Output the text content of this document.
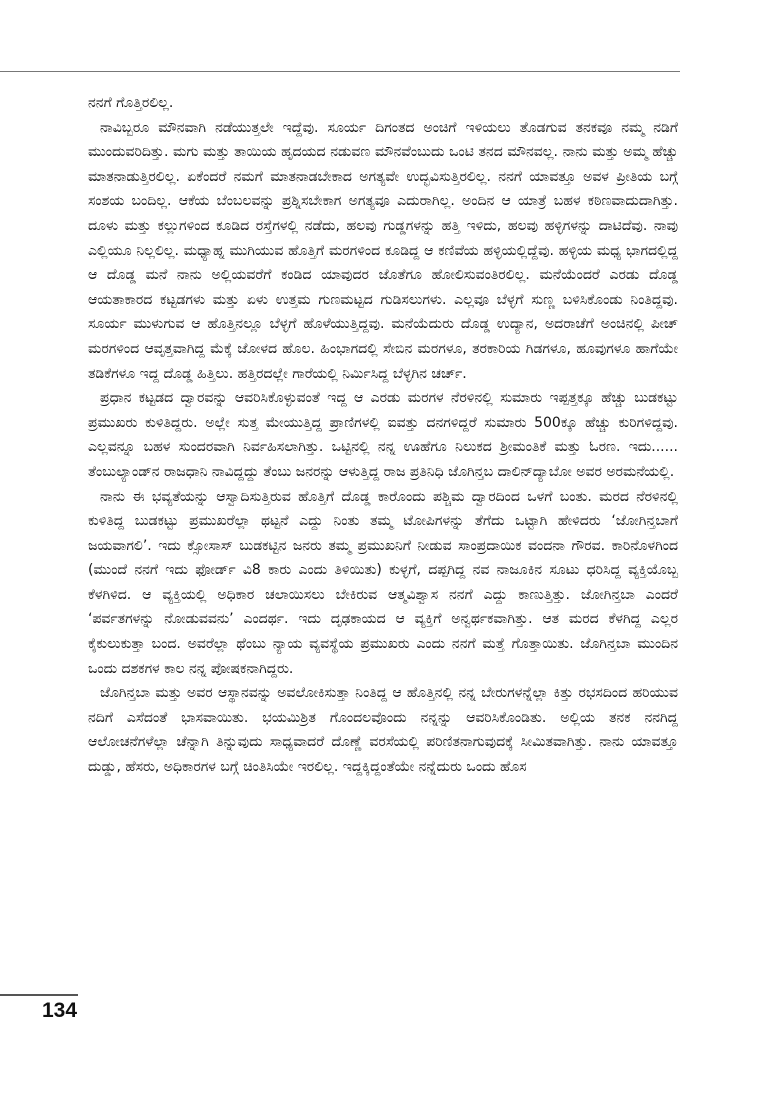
ನನಗೆ ಗೊತ್ತಿರಲಿಲ್ಲ.

ನಾವಿಬ್ಬರೂ ಮೌನವಾಗಿ ನಡೆಯುತ್ತಲೇ ಇದ್ದೆವು. ಸೂರ್ಯ ದಿಗಂತದ ಅಂಚಿಗೆ ಇಳಿಯಲು ತೊಡಗುವ ತನಕವೂ ನಮ್ಮ ನಡಿಗೆ ಮುಂದುವರಿದಿತ್ತು. ಮಗು ಮತ್ತು ತಾಯಿಯ ಹೃದಯದ ನಡುವಣ ಮೌನವೆಂಬುದು ಒಂಟಿ ತನದ ಮೌನವಲ್ಲ. ನಾನು ಮತ್ತು ಅಮ್ಮ ಹೆಚ್ಚು ಮಾತನಾಡುತ್ತಿರಲಿಲ್ಲ. ಏಕೆಂದರೆ ನಮಗೆ ಮಾತನಾಡಬೇಕಾದ ಅಗತ್ಯವೇ ಉದ್ಭವಿಸುತ್ತಿರಲಿಲ್ಲ. ನನಗೆ ಯಾವತ್ತೂ ಅವಳ ಪ್ರೀತಿಯ ಬಗ್ಗೆ ಸಂಶಯ ಬಂದಿಲ್ಲ. ಆಕೆಯ ಬೆಂಬಲವನ್ನು ಪ್ರಶ್ನಿಸಬೇಕಾಗ ಅಗತ್ಯವೂ ಎದುರಾಗಿಲ್ಲ. ಅಂದಿನ ಆ ಯಾತ್ರೆ ಬಹಳ ಕಠಿಣವಾದುದಾಗಿತ್ತು. ದೂಳು ಮತ್ತು ಕಲ್ಲುಗಳಿಂದ ಕೂಡಿದ ರಸ್ತೆಗಳಲ್ಲಿ ನಡೆದು, ಹಲವು ಗುಡ್ಡಗಳನ್ನು ಹತ್ತಿ ಇಳಿದು, ಹಲವು ಹಳ್ಳಿಗಳನ್ನು ದಾಟಿದೆವು. ನಾವು ಎಲ್ಲಿಯೂ ನಿಲ್ಲಲಿಲ್ಲ. ಮಧ್ಯಾಹ್ನ ಮುಗಿಯುವ ಹೊತ್ತಿಗೆ ಮರಗಳಿಂದ ಕೂಡಿದ್ದ ಆ ಕಣಿವೆಯ ಹಳ್ಳಿಯಲ್ಲಿದ್ದೆವು. ಹಳ್ಳಿಯ ಮಧ್ಯ ಭಾಗದಲ್ಲಿದ್ದ ಆ ದೊಡ್ಡ ಮನೆ ನಾನು ಅಲ್ಲಿಯವರೆಗೆ ಕಂಡಿದ ಯಾವುದರ ಜೊತೆಗೂ ಹೋಲಿಸುವಂತಿರಲಿಲ್ಲ. ಮನೆಯೆಂದರೆ ಎರಡು ದೊಡ್ಡ ಆಯತಾಕಾರದ ಕಟ್ಟಡಗಳು ಮತ್ತು ಏಳು ಉತ್ತಮ ಗುಣಮಟ್ಟದ ಗುಡಿಸಲುಗಳು. ಎಲ್ಲವೂ ಬೆಳ್ಳಗೆ ಸುಣ್ಣ ಬಳಿಸಿಕೊಂಡು ನಿಂತಿದ್ದವು. ಸೂರ್ಯ ಮುಳುಗುವ ಆ ಹೊತ್ತಿನಲ್ಲೂ ಬೆಳ್ಳಗೆ ಹೊಳೆಯುತ್ತಿದ್ದವು. ಮನೆಯೆದುರು ದೊಡ್ಡ ಉದ್ಯಾನ, ಅದರಾಚೆಗೆ ಅಂಚಿನಲ್ಲಿ ಪೀಚ್ ಮರಗಳಿಂದ ಆವೃತ್ತವಾಗಿದ್ದ ಮೆಕ್ಕೆ ಜೋಳದ ಹೊಲ. ಹಿಂಭಾಗದಲ್ಲಿ ಸೇಬಿನ ಮರಗಳೂ, ತರಕಾರಿಯ ಗಿಡಗಳೂ, ಹೂವುಗಳೂ ಹಾಗೆಯೇ ತಡಿಕೆಗಳೂ ಇದ್ದ ದೊಡ್ಡ ಹಿತ್ತಿಲು. ಹತ್ತಿರದಲ್ಲೇ ಗಾರೆಯಲ್ಲಿ ನಿರ್ಮಿಸಿದ್ದ ಬೆಳ್ಳಗಿನ ಚರ್ಚ್.

ಪ್ರಧಾನ ಕಟ್ಟಡದ ದ್ವಾರವನ್ನು ಆವರಿಸಿಕೊಳ್ಳುವಂತೆ ಇದ್ದ ಆ ಎರಡು ಮರಗಳ ನೆರಳಿನಲ್ಲಿ ಸುಮಾರು ಇಪ್ಪತ್ತಕ್ಕೂ ಹೆಚ್ಚು ಬುಡಕಟ್ಟು ಪ್ರಮುಖರು ಕುಳಿತಿದ್ದರು. ಅಲ್ಲೇ ಸುತ್ತ ಮೇಯುತ್ತಿದ್ದ ಪ್ರಾಣಿಗಳಲ್ಲಿ ಐವತ್ತು ದನಗಳಿದ್ದರೆ ಸುಮಾರು 500ಕ್ಕೂ ಹೆಚ್ಚು ಕುರಿಗಳಿದ್ದವು. ಎಲ್ಲವನ್ನೂ ಬಹಳ ಸುಂದರವಾಗಿ ನಿರ್ವಹಿಸಲಾಗಿತ್ತು. ಒಟ್ಟಿನಲ್ಲಿ ನನ್ನ ಊಹೆಗೂ ನಿಲುಕದ ಶ್ರೀಮಂತಿಕೆ ಮತ್ತು ಓರಣ. ಇದು...... ತೆಂಬುಲ್ಯಾಂಡ್‌ನ ರಾಜಧಾನಿ ನಾವಿದ್ದದ್ದು ತೆಂಬು ಜನರನ್ನು ಆಳುತ್ತಿದ್ದ ರಾಜ ಪ್ರತಿನಿಧಿ ಜೊಗಿನ್ತಬ ದಾಲಿನ್‌ದ್ಯಾಬೋ ಅವರ ಅರಮನೆಯಲ್ಲಿ.

ನಾನು ಈ ಭವ್ಯತೆಯನ್ನು ಆಸ್ವಾದಿಸುತ್ತಿರುವ ಹೊತ್ತಿಗೆ ದೊಡ್ಡ ಕಾರೊಂದು ಪಶ್ಚಿಮ ದ್ವಾರದಿಂದ ಒಳಗೆ ಬಂತು. ಮರದ ನೆರಳಿನಲ್ಲಿ ಕುಳಿತಿದ್ದ ಬುಡಕಟ್ಟು ಪ್ರಮುಖರೆಲ್ಲಾ ಥಟ್ಟನೆ ಎದ್ದು ನಿಂತು ತಮ್ಮ ಟೋಪಿಗಳನ್ನು ತೆಗೆದು ಒಟ್ಟಾಗಿ ಹೇಳಿದರು ‘ಜೋಗಿನ್ತಬಾಗೆ ಜಯವಾಗಲಿ’. ಇದು ಕ್ಸೋಸಾಸ್ ಬುಡಕಟ್ಟಿನ ಜನರು ತಮ್ಮ ಪ್ರಮುಖನಿಗೆ ನೀಡುವ ಸಾಂಪ್ರದಾಯಿಕ ವಂದನಾ ಗೌರವ. ಕಾರಿನೊಳಗಿಂದ (ಮುಂದೆ ನನಗೆ ಇದು ಫೋರ್ಡ್ ವಿ8 ಕಾರು ಎಂದು ತಿಳಿಯಿತು) ಕುಳ್ಳಗೆ, ದಪ್ಪಗಿದ್ದ ನವ ನಾಜೂಕಿನ ಸೂಟು ಧರಿಸಿದ್ದ ವ್ಯಕ್ತಿಯೊಬ್ಬ ಕೆಳಗಿಳಿದ. ಆ ವ್ಯಕ್ತಿಯಲ್ಲಿ ಅಧಿಕಾರ ಚಲಾಯಿಸಲು ಬೇಕಿರುವ ಆತ್ಮವಿಶ್ವಾಸ ನನಗೆ ಎದ್ದು ಕಾಣುತ್ತಿತ್ತು. ಜೋಗಿನ್ತಬಾ ಎಂದರೆ ‘ಪರ್ವತಗಳನ್ನು ನೋಡುವವನು’ ಎಂದರ್ಥ. ಇದು ದೃಢಕಾಯದ ಆ ವ್ಯಕ್ತಿಗೆ ಅನ್ವರ್ಥಕವಾಗಿತ್ತು. ಆತ ಮರದ ಕೆಳಗಿದ್ದ ಎಲ್ಲರ ಕೈಕುಲುಕುತ್ತಾ ಬಂದ. ಅವರೆಲ್ಲಾ ಥೆಂಬು ನ್ಯಾಯ ವ್ಯವಸ್ಥೆಯ ಪ್ರಮುಖರು ಎಂದು ನನಗೆ ಮತ್ತೆ ಗೊತ್ತಾಯಿತು. ಜೊಗಿನ್ತಬಾ ಮುಂದಿನ ಒಂದು ದಶಕಗಳ ಕಾಲ ನನ್ನ ಪೋಷಕನಾಗಿದ್ದರು.

ಜೊಗಿನ್ತಬಾ ಮತ್ತು ಅವರ ಆಸ್ಥಾನವನ್ನು ಅವಲೋಕಿಸುತ್ತಾ ನಿಂತಿದ್ದ ಆ ಹೊತ್ತಿನಲ್ಲಿ ನನ್ನ ಬೇರುಗಳನ್ನೆಲ್ಲಾ ಕಿತ್ತು ರಭಸದಿಂದ ಹರಿಯುವ ನದಿಗೆ ಎಸೆದಂತೆ ಭಾಸವಾಯಿತು. ಭಯಮಿಶ್ರಿತ ಗೊಂದಲವೊಂದು ನನ್ನನ್ನು ಆವರಿಸಿಕೊಂಡಿತು. ಅಲ್ಲಿಯ ತನಕ ನನಗಿದ್ದ ಆಲೋಚನೆಗಳೆಲ್ಲಾ ಚೆನ್ನಾಗಿ ತಿನ್ನುವುದು ಸಾಧ್ಯವಾದರೆ ದೊಣ್ಣೆ ವರಸೆಯಲ್ಲಿ ಪರಿಣಿತನಾಗುವುದಕ್ಕೆ ಸೀಮಿತವಾಗಿತ್ತು. ನಾನು ಯಾವತ್ತೂ ದುಡ್ಡು, ಹೆಸರು, ಅಧಿಕಾರಗಳ ಬಗ್ಗೆ ಚಿಂತಿಸಿಯೇ ಇರಲಿಲ್ಲ. ಇದ್ದಕ್ಕಿದ್ದಂತೆಯೇ ನನ್ನೆದುರು ಒಂದು ಹೊಸ

134
